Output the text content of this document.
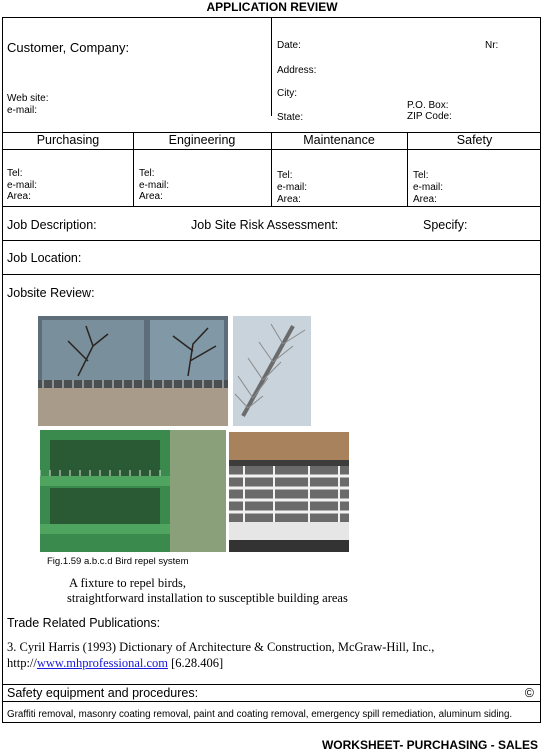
APPLICATION REVIEW
Customer, Company:
Web site:
e-mail:
Date:	Nr:
Address:
City:
State:
P.O. Box:
ZIP Code:
Purchasing	Engineering	Maintenance	Safety
Tel:
e-mail:
Area:
Tel:
e-mail:
Area:
Tel:
e-mail:
Area:
Tel:
e-mail:
Area:
Job Description:	Job Site Risk Assessment:	Specify:
Job Location:
Jobsite Review:
Fig.1.59 a.b.c.d Bird repel system
A fixture to repel birds,
straightforward installation to susceptible building areas
Trade Related Publications:
3. Cyril Harris (1993) Dictionary of Architecture & Construction, McGraw-Hill, Inc.,
http://www.mhprofessional.com [6.28.406]
Safety equipment and procedures:	©
Graffiti removal, masonry coating removal, paint and coating removal, emergency spill remediation, aluminum siding.
WORKSHEET- PURCHASING - SALES
